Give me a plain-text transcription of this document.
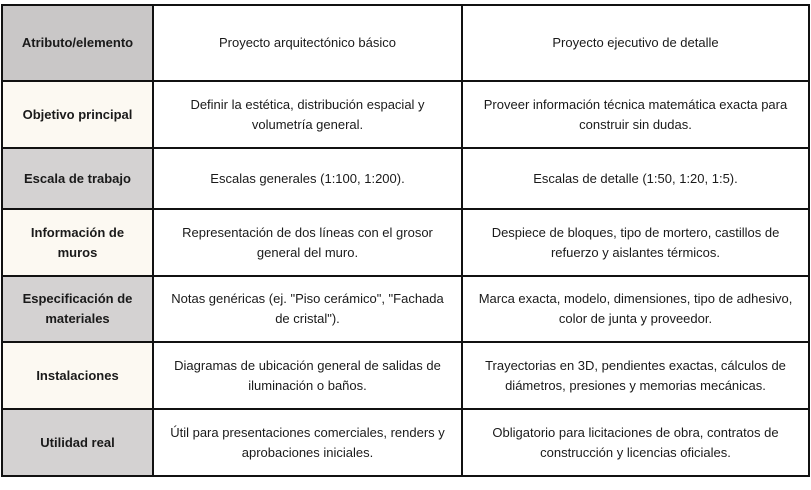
Atributo/elemento	Proyecto arquitectónico básico	Proyecto ejecutivo de detalle
Objetivo principal	Definir la estética, distribución espacial y volumetría general.	Proveer información técnica matemática exacta para construir sin dudas.
Escala de trabajo	Escalas generales (1:100, 1:200).	Escalas de detalle (1:50, 1:20, 1:5).
Información de muros	Representación de dos líneas con el grosor general del muro.	Despiece de bloques, tipo de mortero, castillos de refuerzo y aislantes térmicos.
Especificación de materiales	Notas genéricas (ej. "Piso cerámico", "Fachada de cristal").	Marca exacta, modelo, dimensiones, tipo de adhesivo, color de junta y proveedor.
Instalaciones	Diagramas de ubicación general de salidas de iluminación o baños.	Trayectorias en 3D, pendientes exactas, cálculos de diámetros, presiones y memorias mecánicas.
Utilidad real	Útil para presentaciones comerciales, renders y aprobaciones iniciales.	Obligatorio para licitaciones de obra, contratos de construcción y licencias oficiales.
